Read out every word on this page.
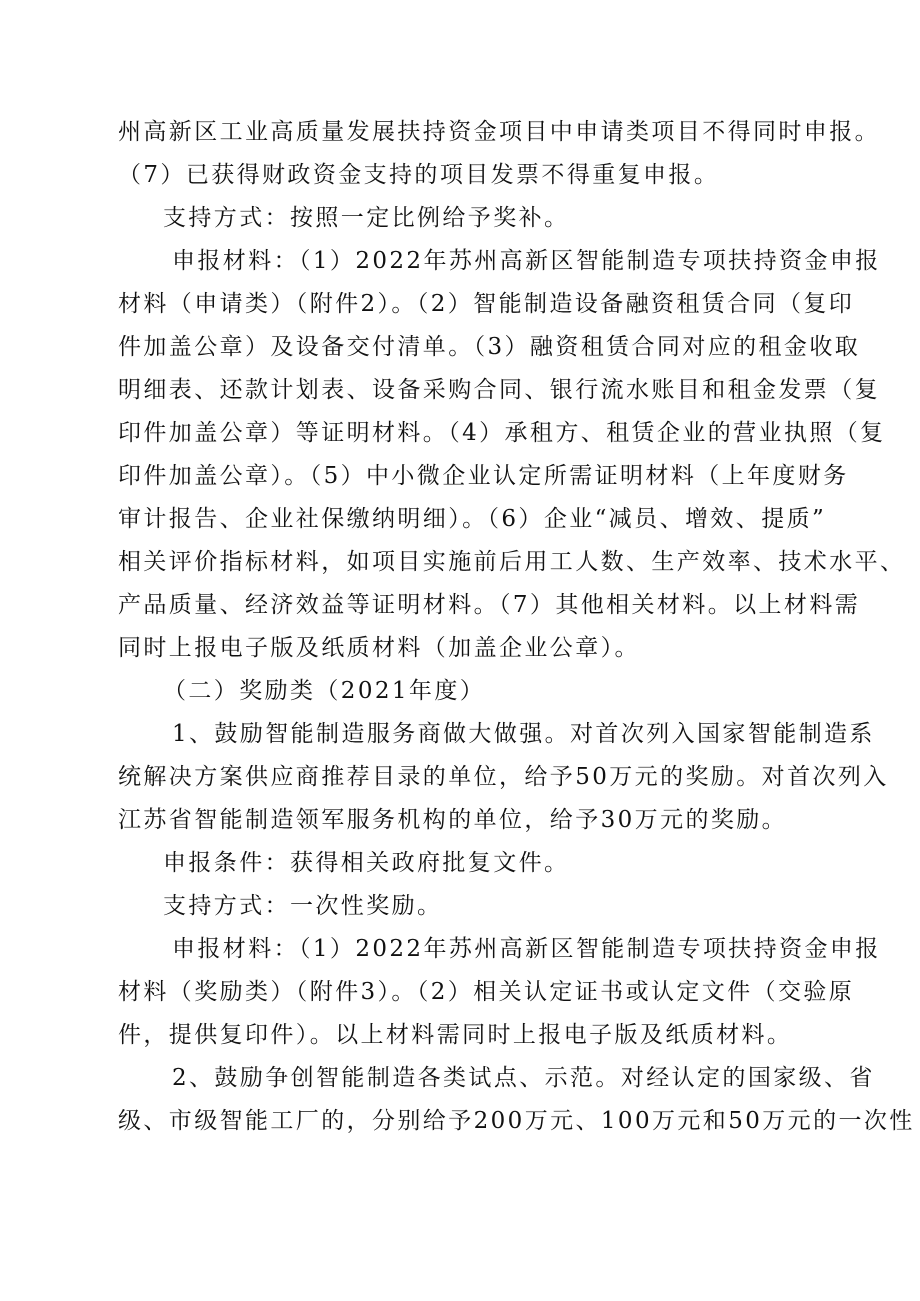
州高新区工业高质量发展扶持资金项目中申请类项目不得同时申报。
（7）已获得财政资金支持的项目发票不得重复申报。
支持方式：按照一定比例给予奖补。
申报材料：（1）2022年苏州高新区智能制造专项扶持资金申报
材料（申请类）（附件2）。（2）智能制造设备融资租赁合同（复印
件加盖公章）及设备交付清单。（3）融资租赁合同对应的租金收取
明细表、还款计划表、设备采购合同、银行流水账目和租金发票（复
印件加盖公章）等证明材料。（4）承租方、租赁企业的营业执照（复
印件加盖公章）。（5）中小微企业认定所需证明材料（上年度财务
审计报告、企业社保缴纳明细）。（6）企业“减员、增效、提质”
相关评价指标材料，如项目实施前后用工人数、生产效率、技术水平、
产品质量、经济效益等证明材料。（7）其他相关材料。以上材料需
同时上报电子版及纸质材料（加盖企业公章）。
（二）奖励类（2021年度）
1、鼓励智能制造服务商做大做强。对首次列入国家智能制造系
统解决方案供应商推荐目录的单位，给予50万元的奖励。对首次列入
江苏省智能制造领军服务机构的单位，给予30万元的奖励。
申报条件：获得相关政府批复文件。
支持方式：一次性奖励。
申报材料：（1）2022年苏州高新区智能制造专项扶持资金申报
材料（奖励类）（附件3）。（2）相关认定证书或认定文件（交验原
件，提供复印件）。以上材料需同时上报电子版及纸质材料。
2、鼓励争创智能制造各类试点、示范。对经认定的国家级、省
级、市级智能工厂的，分别给予200万元、100万元和50万元的一次性
